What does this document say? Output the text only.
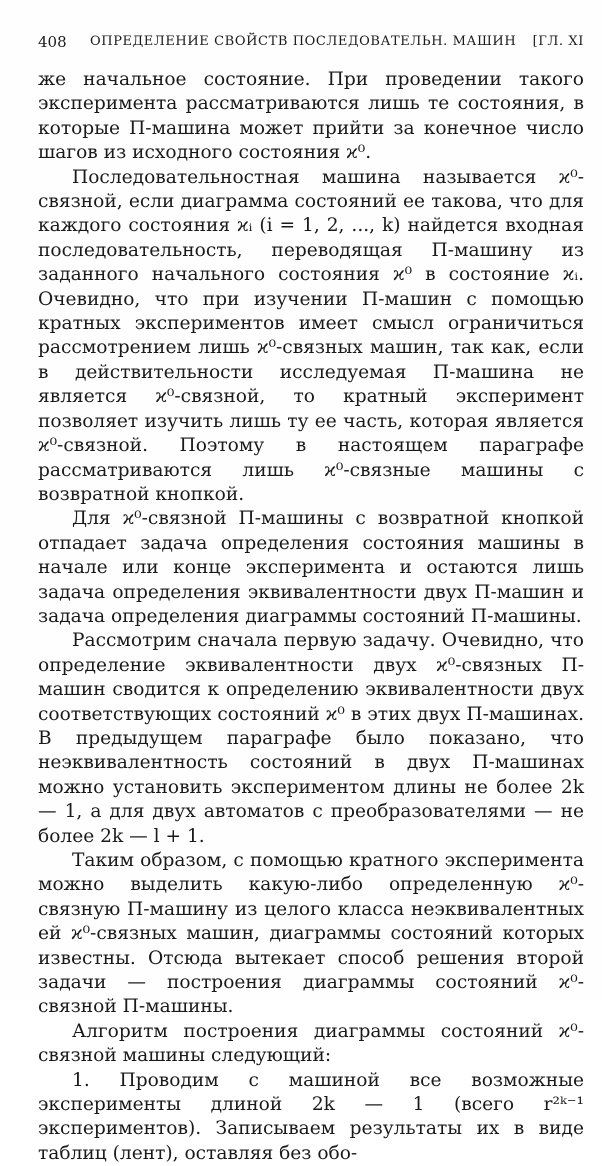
408 ОПРЕДЕЛЕНИЕ СВОЙСТВ ПОСЛЕДОВАТЕЛЬН. МАШИН [ГЛ. XI

же начальное состояние. При проведении такого эксперимента рассматриваются лишь те состояния, в которые П-машина может прийти за конечное число шагов из исходного состояния ϰ⁰.

Последовательностная машина называется ϰ⁰-связной, если диаграмма состояний ее такова, что для каждого состояния ϰᵢ (i = 1, 2, ..., k) найдется входная последовательность, переводящая П-машину из заданного начального состояния ϰ⁰ в состояние ϰᵢ. Очевидно, что при изучении П-машин с помощью кратных экспериментов имеет смысл ограничиться рассмотрением лишь ϰ⁰-связных машин, так как, если в действительности исследуемая П-машина не является ϰ⁰-связной, то кратный эксперимент позволяет изучить лишь ту ее часть, которая является ϰ⁰-связной. Поэтому в настоящем параграфе рассматриваются лишь ϰ⁰-связные машины с возвратной кнопкой.

Для ϰ⁰-связной П-машины с возвратной кнопкой отпадает задача определения состояния машины в начале или конце эксперимента и остаются лишь задача определения эквивалентности двух П-машин и задача определения диаграммы состояний П-машины.

Рассмотрим сначала первую задачу. Очевидно, что определение эквивалентности двух ϰ⁰-связных П-машин сводится к определению эквивалентности двух соответствующих состояний ϰ⁰ в этих двух П-машинах. В предыдущем параграфе было показано, что неэквивалентность состояний в двух П-машинах можно установить экспериментом длины не более 2k — 1, а для двух автоматов с преобразователями — не более 2k — l + 1.

Таким образом, с помощью кратного эксперимента можно выделить какую-либо определенную ϰ⁰-связную П-машину из целого класса неэквивалентных ей ϰ⁰-связных машин, диаграммы состояний которых известны. Отсюда вытекает способ решения второй задачи — построения диаграммы состояний ϰ⁰-связной П-машины.

Алгоритм построения диаграммы состояний ϰ⁰-связной машины следующий:

1. Проводим с машиной все возможные эксперименты длиной 2k — 1 (всего r²ᵏ⁻¹ экспериментов). Записываем результаты их в виде таблиц (лент), оставляя без обо-
